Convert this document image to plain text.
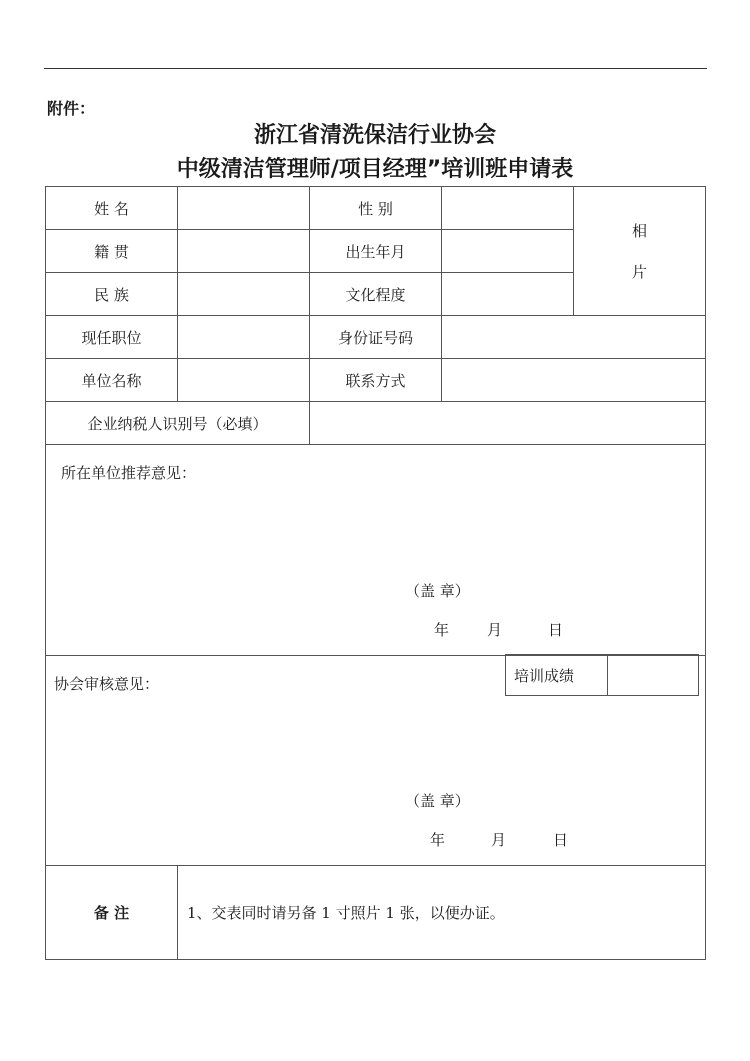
附件：
浙江省清洗保洁行业协会
中级清洁管理师/项目经理”培训班申请表
姓 名	性 别
相
片
籍 贯	出生年月
民 族	文化程度
现任职位	身份证号码
单位名称	联系方式
企业纳税人识别号（必填）
所在单位推荐意见：
（盖 章）
年	月	日
协会审核意见：	培训成绩
（盖 章）
年	月	日
备 注	1、交表同时请另备 1 寸照片 1 张，以便办证。
